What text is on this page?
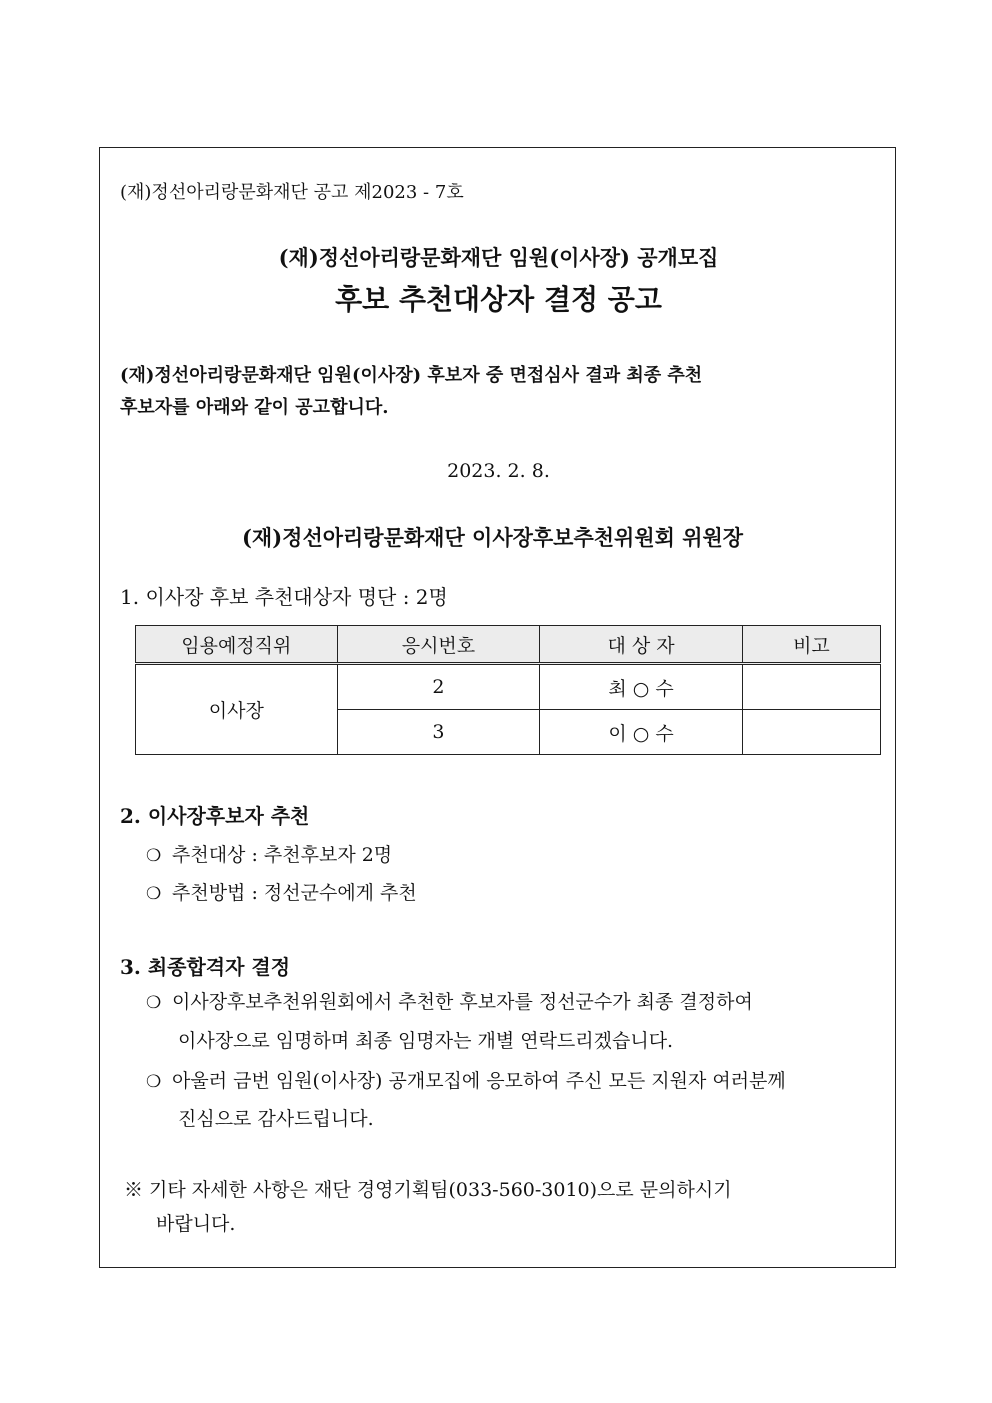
(재)정선아리랑문화재단 공고 제2023 - 7호
(재)정선아리랑문화재단 임원(이사장) 공개모집
후보 추천대상자 결정 공고
(재)정선아리랑문화재단 임원(이사장) 후보자 중 면접심사 결과 최종 추천
후보자를 아래와 같이 공고합니다.
2023. 2. 8.
(재)정선아리랑문화재단 이사장후보추천위원회 위원장
1. 이사장 후보 추천대상자 명단 : 2명
임용예정직위	응시번호	대 상 자	비고
이사장	2	최 ○ 수	
	3	이 ○ 수	
2. 이사장후보자 추천
❍ 추천대상 : 추천후보자 2명
❍ 추천방법 : 정선군수에게 추천
3. 최종합격자 결정
❍ 이사장후보추천위원회에서 추천한 후보자를 정선군수가 최종 결정하여
이사장으로 임명하며 최종 임명자는 개별 연락드리겠습니다.
❍ 아울러 금번 임원(이사장) 공개모집에 응모하여 주신 모든 지원자 여러분께
진심으로 감사드립니다.
※ 기타 자세한 사항은 재단 경영기획팀(033-560-3010)으로 문의하시기
바랍니다.
